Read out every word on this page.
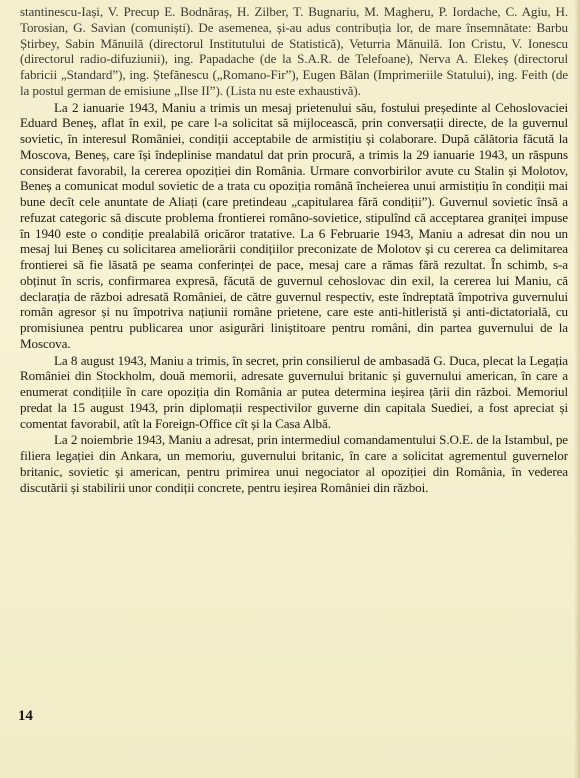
stantinescu-Iași, V. Precup E. Bodnăraș, H. Zilber, T. Bugnariu, M. Magheru, P. Iordache, C. Agiu, H. Torosian, G. Savian (comuniști). De asemenea, și-au adus contribuția lor, de mare însemnătate: Barbu Știrbey, Sabin Mănuilă (directorul Institutului de Statistică), Veturria Mănuilă. Ion Cristu, V. Ionescu (directorul radio-difuziunii), ing. Papadache (de la S.A.R. de Telefoane), Nerva A. Elekeș (directorul fabricii „Standard”), ing. Ștefănescu („Romano-Fir”), Eugen Bălan (Imprimeriile Statului), ing. Feith (de la postul german de emisiune „Ilse II”). (Lista nu este exhaustivă).

La 2 ianuarie 1943, Maniu a trimis un mesaj prietenului său, fostului președinte al Cehoslovaciei Eduard Beneș, aflat în exil, pe care l-a solicitat să mijlocească, prin conversații directe, de la guvernul sovietic, în interesul României, condiții acceptabile de armistițiu și colaborare. După călătoria făcută la Moscova, Beneș, care își îndeplinise mandatul dat prin procură, a trimis la 29 ianuarie 1943, un răspuns considerat favorabil, la cererea opoziției din România. Urmare convorbirilor avute cu Stalin și Molotov, Beneș a comunicat modul sovietic de a trata cu opoziția română încheierea unui armistițiu în condiții mai bune decît cele anuntate de Aliați (care pretindeau „capitularea fără condiții”). Guvernul sovietic însă a refuzat categoric să discute problema frontierei româno-sovietice, stipulînd că acceptarea graniței impuse în 1940 este o condiție prealabilă oricăror tratative. La 6 Februarie 1943, Maniu a adresat din nou un mesaj lui Beneș cu solicitarea ameliorării condițiilor preconizate de Molotov și cu cererea ca delimitarea frontierei să fie lăsată pe seama conferinței de pace, mesaj care a rămas fără rezultat. În schimb, s-a obținut în scris, confirmarea expresă, făcută de guvernul cehoslovac din exil, la cererea lui Maniu, că declarația de război adresată României, de către guvernul respectiv, este îndreptată împotriva guvernului român agresor și nu împotriva națiunii române prietene, care este anti-hitleristă și anti-dictatorială, cu promisiunea pentru publicarea unor asigurări liniștitoare pentru români, din partea guvernului de la Moscova.

La 8 august 1943, Maniu a trimis, în secret, prin consilierul de ambasadă G. Duca, plecat la Legația României din Stockholm, două memorii, adresate guvernului britanic și guvernului american, în care a enumerat condițiile în care opoziția din România ar putea determina ieșirea țării din război. Memoriul predat la 15 august 1943, prin diplomații respectivilor guverne din capitala Suediei, a fost apreciat și comentat favorabil, atît la Foreign-Office cît și la Casa Albă.

La 2 noiembrie 1943, Maniu a adresat, prin intermediul comandamentului S.O.E. de la Istambul, pe filiera legației din Ankara, un memoriu, guvernului britanic, în care a solicitat agrementul guvernelor britanic, sovietic și american, pentru primirea unui negociator al opoziției din România, în vederea discutării și stabilirii unor condiții concrete, pentru ieșirea României din război.

14
